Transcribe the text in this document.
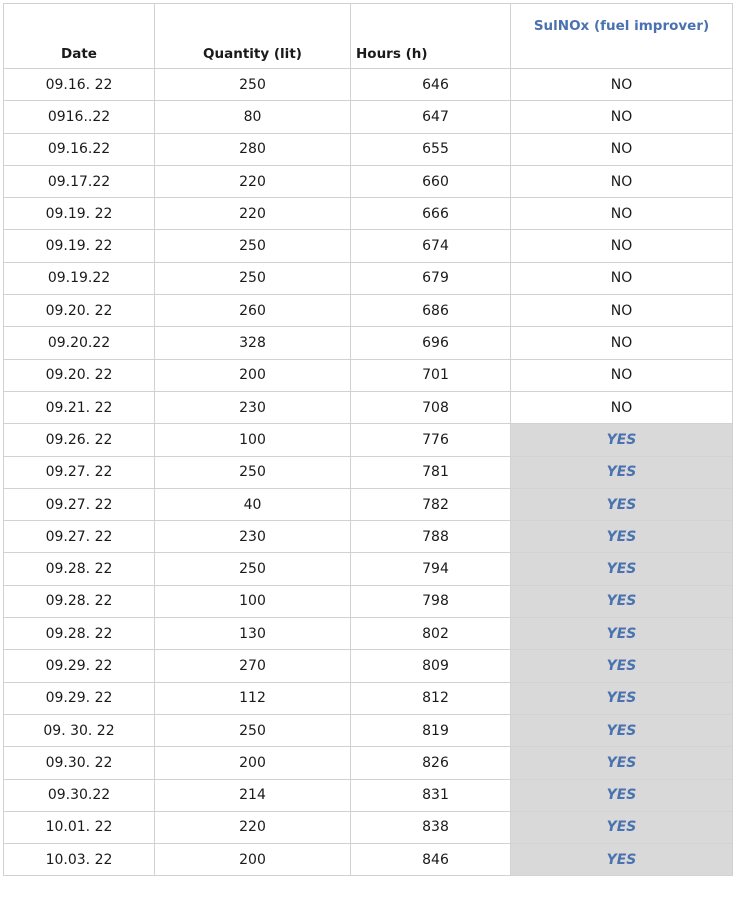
Date	Quantity (lit)	Hours (h)	SulNOx (fuel improver)
09.16. 22	250	646	NO
0916..22	80	647	NO
09.16.22	280	655	NO
09.17.22	220	660	NO
09.19. 22	220	666	NO
09.19. 22	250	674	NO
09.19.22	250	679	NO
09.20. 22	260	686	NO
09.20.22	328	696	NO
09.20. 22	200	701	NO
09.21. 22	230	708	NO
09.26. 22	100	776	YES
09.27. 22	250	781	YES
09.27. 22	40	782	YES
09.27. 22	230	788	YES
09.28. 22	250	794	YES
09.28. 22	100	798	YES
09.28. 22	130	802	YES
09.29. 22	270	809	YES
09.29. 22	112	812	YES
09. 30. 22	250	819	YES
09.30. 22	200	826	YES
09.30.22	214	831	YES
10.01. 22	220	838	YES
10.03. 22	200	846	YES
